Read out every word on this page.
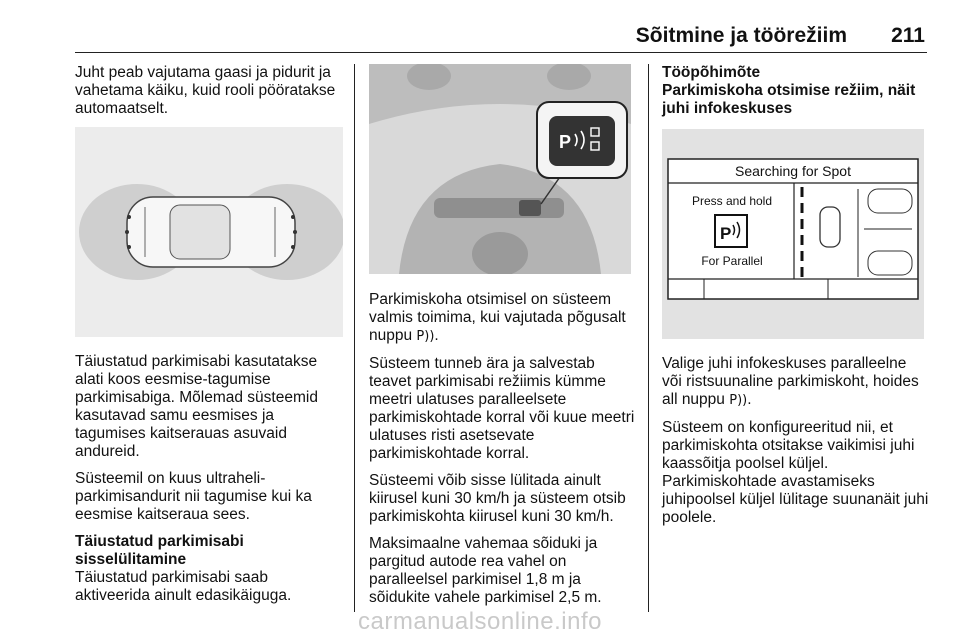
Sõitmine ja töörežiim 211

Juht peab vajutama gaasi ja pidurit ja vahetama käiku, kuid rooli pööratakse automaatselt.

Täiustatud parkimisabi kasutatakse alati koos eesmise-tagumise parkimisabiga. Mõlemad süsteemid kasutavad samu eesmises ja tagumises kaitserauas asuvaid andureid.

Süsteemil on kuus ultraheli-parkimisandurit nii tagumise kui ka eesmise kaitseraua sees.

Täiustatud parkimisabi sisselülitamine

Täiustatud parkimisabi saab aktiveerida ainult edasikäiguga.

P

Parkimiskoha otsimisel on süsteem valmis toimima, kui vajutada põgusalt nuppu P)).

Süsteem tunneb ära ja salvestab teavet parkimisabi režiimis kümme meetri ulatuses paralleelsete parkimiskohtade korral või kuue meetri ulatuses risti asetsevate parkimiskohtade korral.

Süsteemi võib sisse lülitada ainult kiirusel kuni 30 km/h ja süsteem otsib parkimiskohta kiirusel kuni 30 km/h.

Maksimaalne vahemaa sõiduki ja pargitud autode rea vahel on paralleelsel parkimisel 1,8 m ja sõidukite vahele parkimisel 2,5 m.

Tööpõhimõte
Parkimiskoha otsimise režiim, näit juhi infokeskuses
Searching for Spot
Press and hold
P
For Parallel

Valige juhi infokeskuses paralleelne või ristsuunaline parkimiskoht, hoides all nuppu P)).

Süsteem on konfigureeritud nii, et parkimiskohta otsitakse vaikimisi juhi kaassõitja poolsel küljel. Parkimiskohtade avastamiseks juhipoolsel küljel lülitage suunanäit juhi poolele.

carmanualsonline.info
